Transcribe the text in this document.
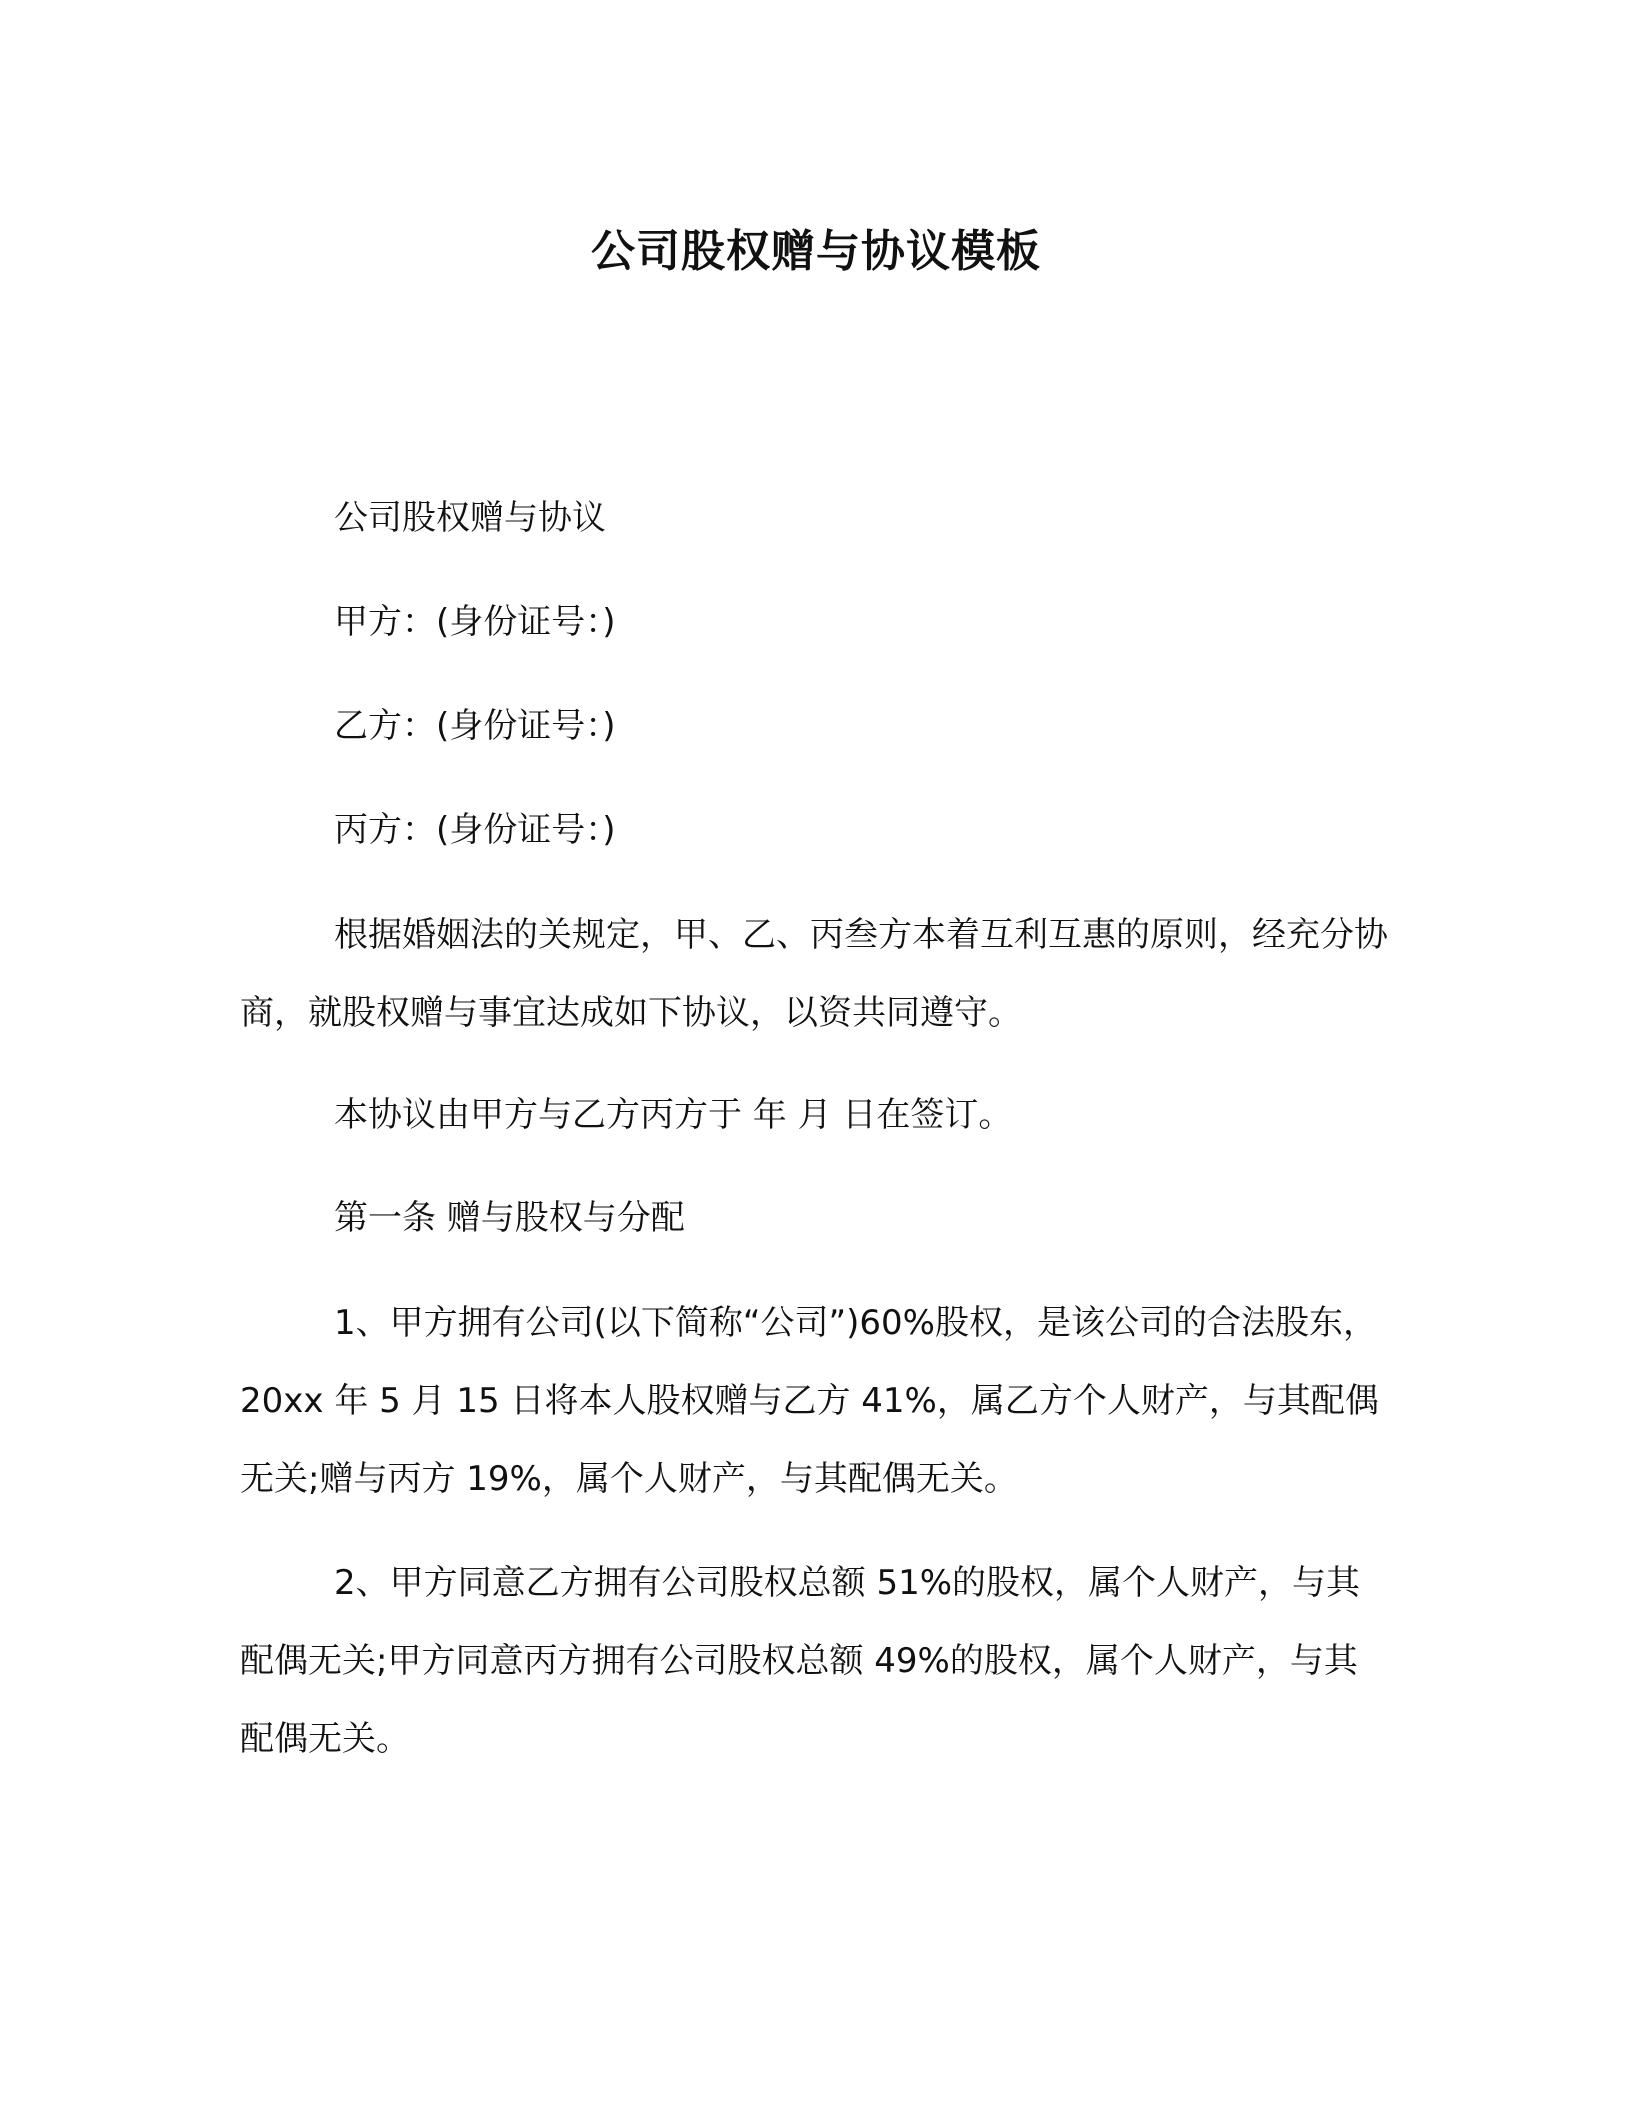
公司股权赠与协议模板

公司股权赠与协议

甲方：(身份证号：)

乙方：(身份证号：)

丙方：(身份证号：)

根据婚姻法的关规定，甲、乙、丙叁方本着互利互惠的原则，经充分协商，就股权赠与事宜达成如下协议，以资共同遵守。

本协议由甲方与乙方丙方于 年 月 日在签订。

第一条 赠与股权与分配

1、甲方拥有公司(以下简称“公司”)60%股权，是该公司的合法股东，20xx 年 5 月 15 日将本人股权赠与乙方 41%，属乙方个人财产，与其配偶无关;赠与丙方 19%，属个人财产，与其配偶无关。

2、甲方同意乙方拥有公司股权总额 51%的股权，属个人财产，与其配偶无关;甲方同意丙方拥有公司股权总额 49%的股权，属个人财产，与其配偶无关。
